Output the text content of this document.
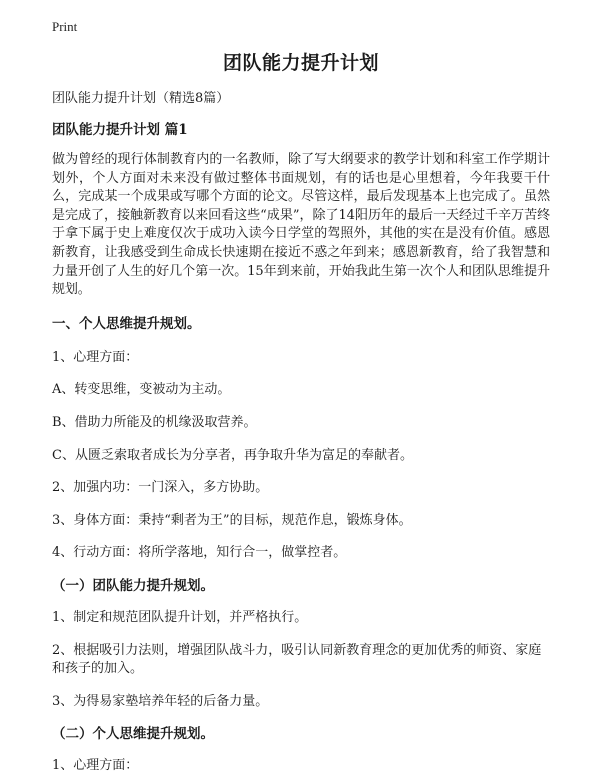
Print
团队能力提升计划
团队能力提升计划（精选8篇）
团队能力提升计划 篇1
做为曾经的现行体制教育内的一名教师，除了写大纲要求的教学计划和科室工作学期计划外，个人方面对未来没有做过整体书面规划，有的话也是心里想着，今年我要干什么，完成某一个成果或写哪个方面的论文。尽管这样，最后发现基本上也完成了。虽然是完成了，接触新教育以来回看这些“成果”，除了14阳历年的最后一天经过千辛万苦终于拿下属于史上难度仅次于成功入读今日学堂的驾照外，其他的实在是没有价值。感恩新教育，让我感受到生命成长快速期在接近不惑之年到来；感恩新教育，给了我智慧和力量开创了人生的好几个第一次。15年到来前，开始我此生第一次个人和团队思维提升规划。
一、个人思维提升规划。
1、心理方面：
A、转变思维，变被动为主动。
B、借助力所能及的机缘汲取营养。
C、从匮乏索取者成长为分享者，再争取升华为富足的奉献者。
2、加强内功：一门深入，多方协助。
3、身体方面：秉持“剩者为王”的目标，规范作息，锻炼身体。
4、行动方面：将所学落地，知行合一，做掌控者。
（一）团队能力提升规划。
1、制定和规范团队提升计划，并严格执行。
2、根据吸引力法则，增强团队战斗力，吸引认同新教育理念的更加优秀的师资、家庭和孩子的加入。
3、为得易家塾培养年轻的后备力量。
（二）个人思维提升规划。
1、心理方面：
